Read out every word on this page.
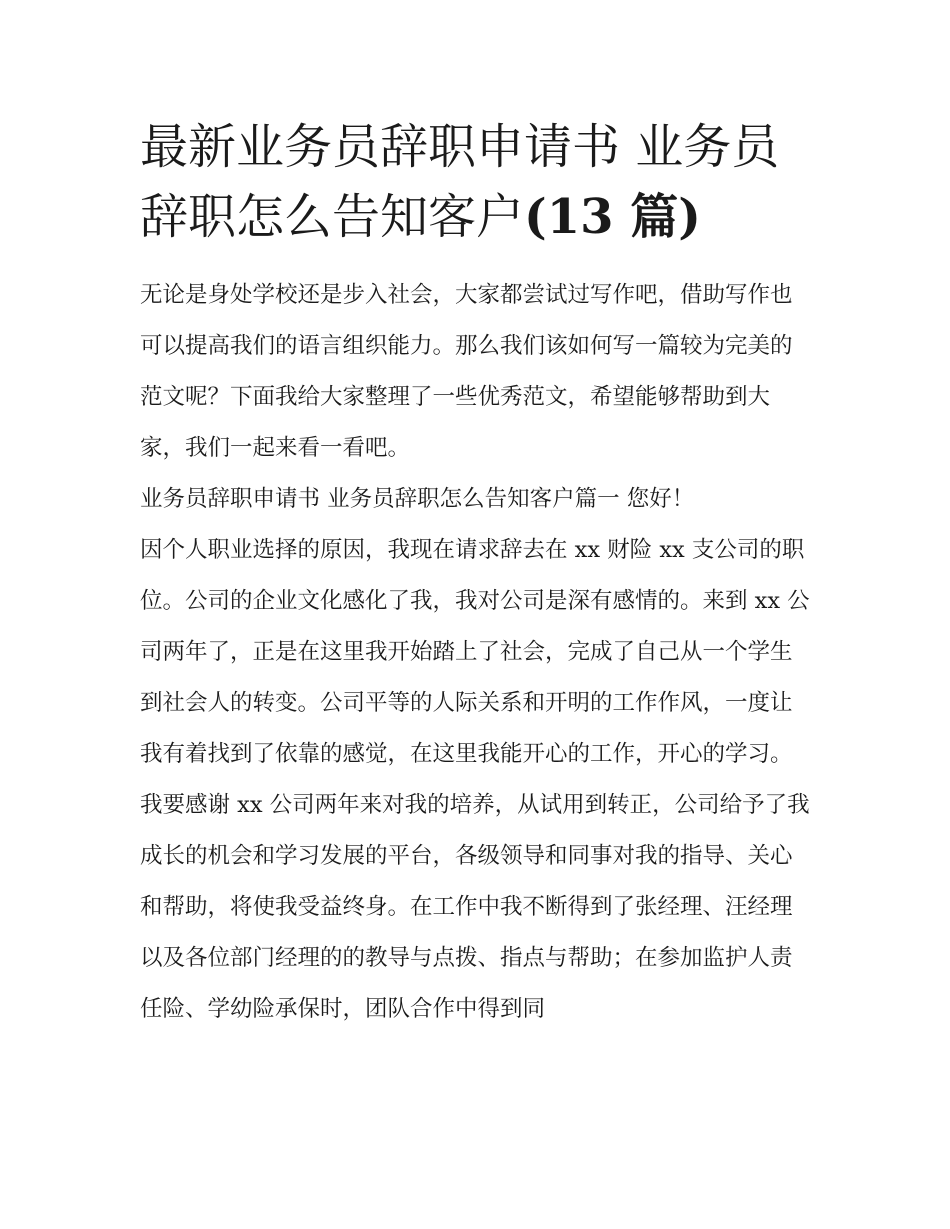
最新业务员辞职申请书 业务员辞职怎么告知客户(13 篇)

无论是身处学校还是步入社会，大家都尝试过写作吧，借助写作也可以提高我们的语言组织能力。那么我们该如何写一篇较为完美的范文呢？下面我给大家整理了一些优秀范文，希望能够帮助到大家，我们一起来看一看吧。

业务员辞职申请书 业务员辞职怎么告知客户篇一 您好！

因个人职业选择的原因，我现在请求辞去在 xx 财险 xx 支公司的职位。公司的企业文化感化了我，我对公司是深有感情的。来到 xx 公司两年了，正是在这里我开始踏上了社会，完成了自己从一个学生到社会人的转变。公司平等的人际关系和开明的工作作风，一度让我有着找到了依靠的感觉，在这里我能开心的工作，开心的学习。

我要感谢 xx 公司两年来对我的培养，从试用到转正，公司给予了我成长的机会和学习发展的平台，各级领导和同事对我的指导、关心和帮助，将使我受益终身。在工作中我不断得到了张经理、汪经理以及各位部门经理的的教导与点拨、指点与帮助；在参加监护人责任险、学幼险承保时，团队合作中得到同
